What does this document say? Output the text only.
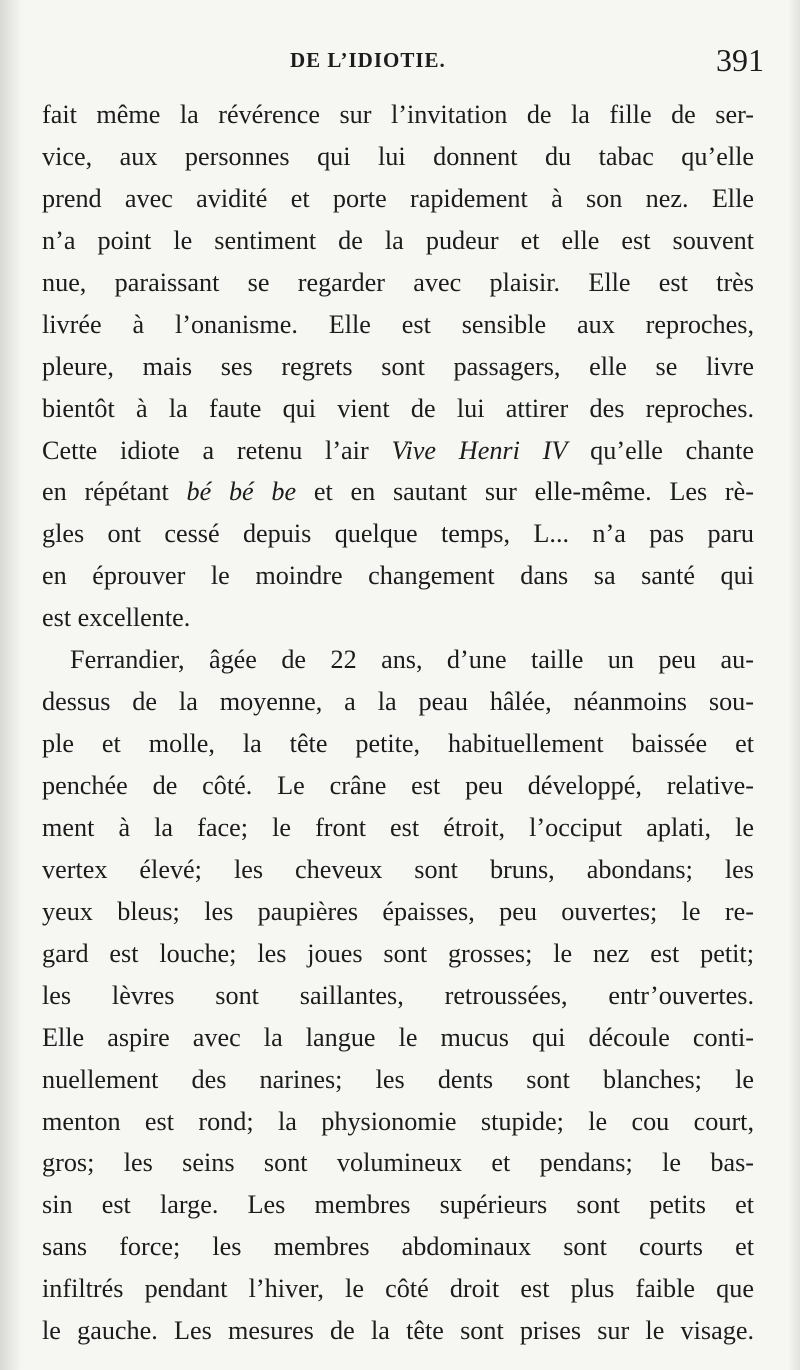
DE L’IDIOTIE.	391
fait même la révérence sur l’invitation de la fille de ser-
vice, aux personnes qui lui donnent du tabac qu’elle
prend avec avidité et porte rapidement à son nez. Elle
n’a point le sentiment de la pudeur et elle est souvent
nue, paraissant se regarder avec plaisir. Elle est très
livrée à l’onanisme. Elle est sensible aux reproches,
pleure, mais ses regrets sont passagers, elle se livre
bientôt à la faute qui vient de lui attirer des reproches.
Cette idiote a retenu l’air Vive Henri IV qu’elle chante
en répétant bé bé be et en sautant sur elle-même. Les rè-
gles ont cessé depuis quelque temps, L... n’a pas paru
en éprouver le moindre changement dans sa santé qui
est excellente.
Ferrandier, âgée de 22 ans, d’une taille un peu au-
dessus de la moyenne, a la peau hâlée, néanmoins sou-
ple et molle, la tête petite, habituellement baissée et
penchée de côté. Le crâne est peu développé, relative-
ment à la face; le front est étroit, l’occiput aplati, le
vertex élevé; les cheveux sont bruns, abondans; les
yeux bleus; les paupières épaisses, peu ouvertes; le re-
gard est louche; les joues sont grosses; le nez est petit;
les lèvres sont saillantes, retroussées, entr’ouvertes.
Elle aspire avec la langue le mucus qui découle conti-
nuellement des narines; les dents sont blanches; le
menton est rond; la physionomie stupide; le cou court,
gros; les seins sont volumineux et pendans; le bas-
sin est large. Les membres supérieurs sont petits et
sans force; les membres abdominaux sont courts et
infiltrés pendant l’hiver, le côté droit est plus faible que
le gauche. Les mesures de la tête sont prises sur le visage.
